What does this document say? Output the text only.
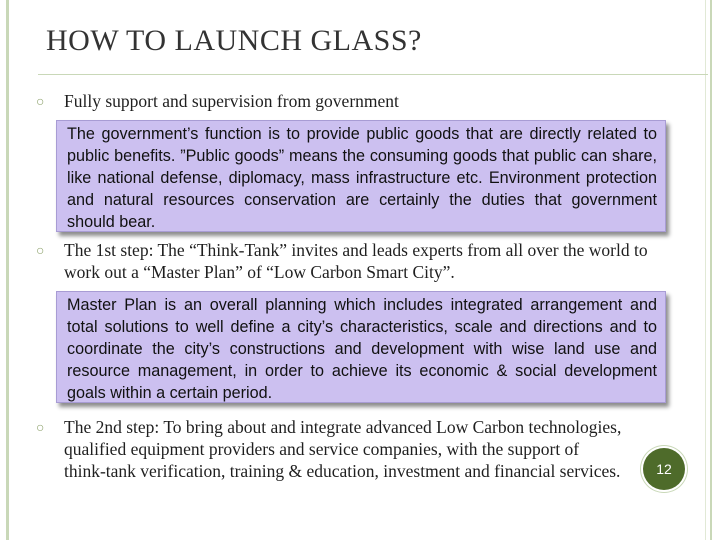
HOW TO LAUNCH GLASS?
○ Fully support and supervision from government
The government’s function is to provide public goods that are directly related to public benefits. ”Public goods” means the consuming goods that public can share, like national defense, diplomacy, mass infrastructure etc. Environment protection and natural resources conservation are certainly the duties that government should bear.
○ The 1st step: The “Think-Tank” invites and leads experts from all over the world to work out a “Master Plan” of “Low Carbon Smart City”.
Master Plan is an overall planning which includes integrated arrangement and total solutions to well define a city’s characteristics, scale and directions and to coordinate the city’s constructions and development with wise land use and resource management, in order to achieve its economic & social development goals within a certain period.
○ The 2nd step: To bring about and integrate advanced Low Carbon technologies, qualified equipment providers and service companies, with the support of think-tank verification, training & education, investment and financial services.	12
